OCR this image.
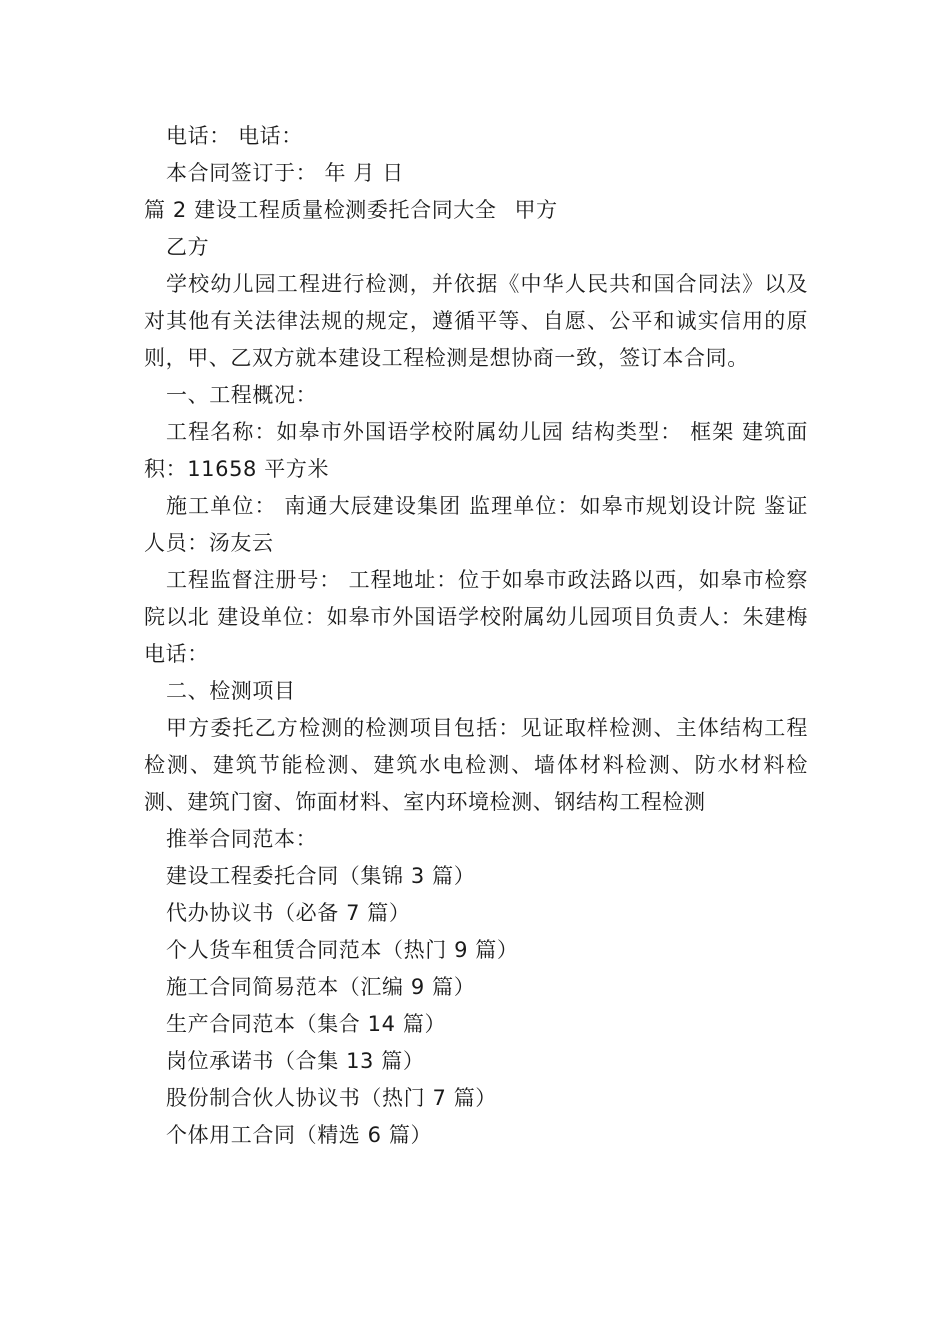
电话： 电话：

本合同签订于： 年 月 日

篇 2 建设工程质量检测委托合同大全 甲方

乙方

学校幼儿园工程进行检测，并依据《中华人民共和国合同法》以及对其他有关法律法规的规定，遵循平等、自愿、公平和诚实信用的原则，甲、乙双方就本建设工程检测是想协商一致，签订本合同。

一、工程概况：

工程名称：如皋市外国语学校附属幼儿园 结构类型： 框架 建筑面积：11658 平方米

施工单位： 南通大辰建设集团 监理单位：如皋市规划设计院 鉴证人员：汤友云

工程监督注册号： 工程地址：位于如皋市政法路以西，如皋市检察院以北 建设单位：如皋市外国语学校附属幼儿园项目负责人：朱建梅 电话：

二、检测项目

甲方委托乙方检测的检测项目包括：见证取样检测、主体结构工程检测、建筑节能检测、建筑水电检测、墙体材料检测、防水材料检测、建筑门窗、饰面材料、室内环境检测、钢结构工程检测

推举合同范本：

建设工程委托合同（集锦 3 篇）

代办协议书（必备 7 篇）

个人货车租赁合同范本（热门 9 篇）

施工合同简易范本（汇编 9 篇）

生产合同范本（集合 14 篇）

岗位承诺书（合集 13 篇）

股份制合伙人协议书（热门 7 篇）

个体用工合同（精选 6 篇）
